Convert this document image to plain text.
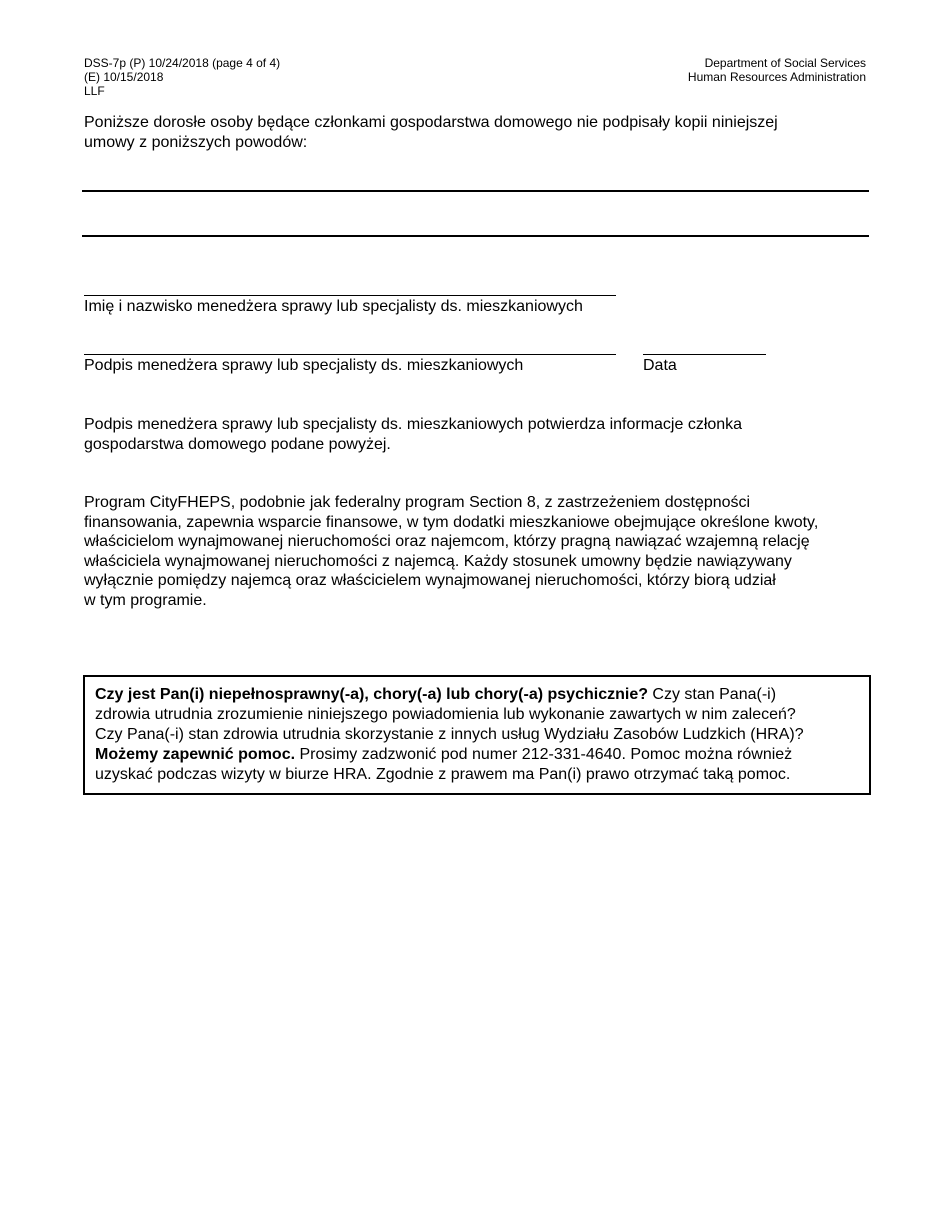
DSS-7p (P) 10/24/2018 (page 4 of 4)
(E) 10/15/2018
LLF
Department of Social Services
Human Resources Administration
Poniższe dorosłe osoby będące członkami gospodarstwa domowego nie podpisały kopii niniejszej
umowy z poniższych powodów:
Imię i nazwisko menedżera sprawy lub specjalisty ds. mieszkaniowych
Podpis menedżera sprawy lub specjalisty ds. mieszkaniowych	Data
Podpis menedżera sprawy lub specjalisty ds. mieszkaniowych potwierdza informacje członka
gospodarstwa domowego podane powyżej.
Program CityFHEPS, podobnie jak federalny program Section 8, z zastrzeżeniem dostępności
finansowania, zapewnia wsparcie finansowe, w tym dodatki mieszkaniowe obejmujące określone kwoty,
właścicielom wynajmowanej nieruchomości oraz najemcom, którzy pragną nawiązać wzajemną relację
właściciela wynajmowanej nieruchomości z najemcą. Każdy stosunek umowny będzie nawiązywany
wyłącznie pomiędzy najemcą oraz właścicielem wynajmowanej nieruchomości, którzy biorą udział
w tym programie.
Czy jest Pan(i) niepełnosprawny(-a), chory(-a) lub chory(-a) psychicznie? Czy stan Pana(-i)
zdrowia utrudnia zrozumienie niniejszego powiadomienia lub wykonanie zawartych w nim zaleceń?
Czy Pana(-i) stan zdrowia utrudnia skorzystanie z innych usług Wydziału Zasobów Ludzkich (HRA)?
Możemy zapewnić pomoc. Prosimy zadzwonić pod numer 212-331-4640. Pomoc można również
uzyskać podczas wizyty w biurze HRA. Zgodnie z prawem ma Pan(i) prawo otrzymać taką pomoc.
